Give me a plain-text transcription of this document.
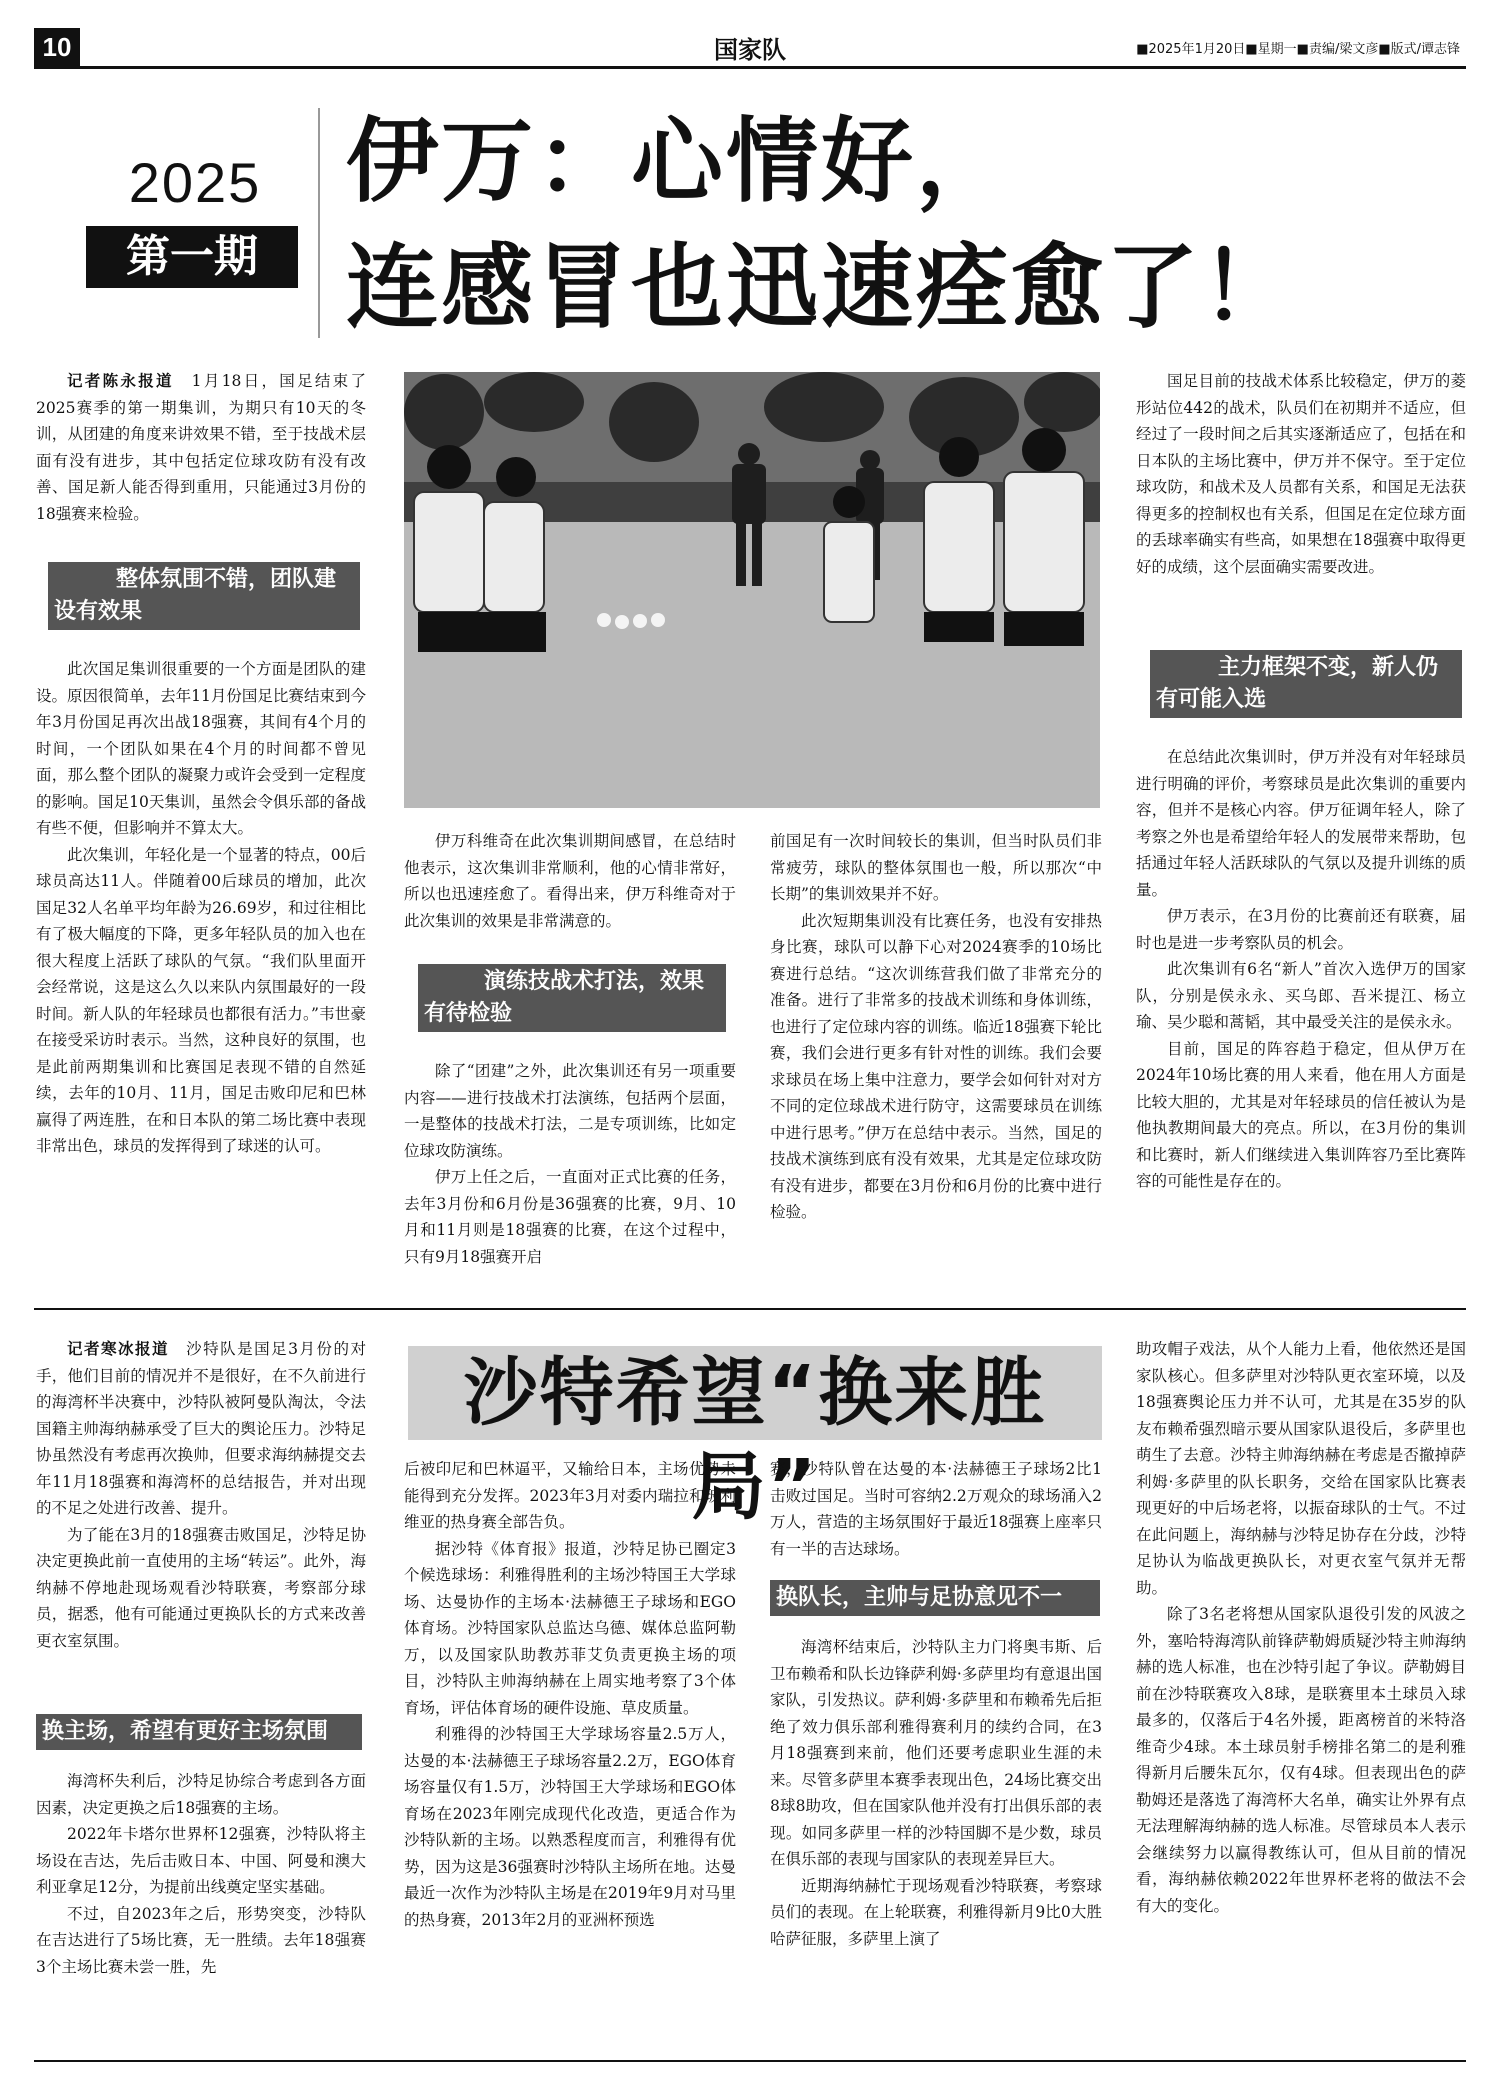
10	国家队	■2025年1月20日■星期一■责编/梁文彦■版式/谭志锋
2025
第一期
伊万：心情好，
连感冒也迅速痊愈了！

记者陈永报道　 1月18日，国足结束了2025赛季的第一期集训，为期只有10天的冬训，从团建的角度来讲效果不错，至于技战术层面有没有进步，其中包括定位球攻防有没有改善、国足新人能否得到重用，只能通过3月份的18强赛来检验。

整体氛围不错，团队建设有效果

此次国足集训很重要的一个方面是团队的建设。原因很简单，去年11月份国足比赛结束到今年3月份国足再次出战18强赛，其间有4个月的时间，一个团队如果在4个月的时间都不曾见面，那么整个团队的凝聚力或许会受到一定程度的影响。国足10天集训，虽然会令俱乐部的备战有些不便，但影响并不算太大。

此次集训，年轻化是一个显著的特点，00后球员高达11人。伴随着00后球员的增加，此次国足32人名单平均年龄为26.69岁，和过往相比有了极大幅度的下降，更多年轻队员的加入也在很大程度上活跃了球队的气氛。“我们队里面开会经常说，这是这么久以来队内氛围最好的一段时间。新人队的年轻球员也都很有活力。”韦世豪在接受采访时表示。当然，这种良好的氛围，也是此前两期集训和比赛国足表现不错的自然延续，去年的10月、11月，国足击败印尼和巴林赢得了两连胜，在和日本队的第二场比赛中表现非常出色，球员的发挥得到了球迷的认可。

伊万科维奇在此次集训期间感冒，在总结时他表示，这次集训非常顺利，他的心情非常好，所以也迅速痊愈了。看得出来，伊万科维奇对于此次集训的效果是非常满意的。

演练技战术打法，效果有待检验

除了“团建”之外，此次集训还有另一项重要内容——进行技战术打法演练，包括两个层面，一是整体的技战术打法，二是专项训练，比如定位球攻防演练。

伊万上任之后，一直面对正式比赛的任务，去年3月份和6月份是36强赛的比赛，9月、10月和11月则是18强赛的比赛，在这个过程中，只有9月18强赛开启

前国足有一次时间较长的集训，但当时队员们非常疲劳，球队的整体氛围也一般，所以那次“中长期”的集训效果并不好。

此次短期集训没有比赛任务，也没有安排热身比赛，球队可以静下心对2024赛季的10场比赛进行总结。“这次训练营我们做了非常充分的准备。进行了非常多的技战术训练和身体训练，也进行了定位球内容的训练。临近18强赛下轮比赛，我们会进行更多有针对性的训练。我们会要求球员在场上集中注意力，要学会如何针对对方不同的定位球战术进行防守，这需要球员在训练中进行思考。”伊万在总结中表示。当然，国足的技战术演练到底有没有效果，尤其是定位球攻防有没有进步，都要在3月份和6月份的比赛中进行检验。

国足目前的技战术体系比较稳定，伊万的菱形站位442的战术，队员们在初期并不适应，但经过了一段时间之后其实逐渐适应了，包括在和日本队的主场比赛中，伊万并不保守。至于定位球攻防，和战术及人员都有关系，和国足无法获得更多的控制权也有关系，但国足在定位球方面的丢球率确实有些高，如果想在18强赛中取得更好的成绩，这个层面确实需要改进。

主力框架不变，新人仍有可能入选

在总结此次集训时，伊万并没有对年轻球员进行明确的评价，考察球员是此次集训的重要内容，但并不是核心内容。伊万征调年轻人，除了考察之外也是希望给年轻人的发展带来帮助，包括通过年轻人活跃球队的气氛以及提升训练的质量。

伊万表示，在3月份的比赛前还有联赛，届时也是进一步考察队员的机会。

此次集训有6名“新人”首次入选伊万的国家队，分别是侯永永、买乌郎、吾米提江、杨立瑜、吴少聪和蒿韬，其中最受关注的是侯永永。

目前，国足的阵容趋于稳定，但从伊万在2024年10场比赛的用人来看，他在用人方面是比较大胆的，尤其是对年轻球员的信任被认为是他执教期间最大的亮点。所以，在3月份的集训和比赛时，新人们继续进入集训阵容乃至比赛阵容的可能性是存在的。

沙特希望“换来胜局”

记者寒冰报道　 沙特队是国足3月份的对手，他们目前的情况并不是很好，在不久前进行的海湾杯半决赛中，沙特队被阿曼队淘汰，令法国籍主帅海纳赫承受了巨大的舆论压力。沙特足协虽然没有考虑再次换帅，但要求海纳赫提交去年11月18强赛和海湾杯的总结报告，并对出现的不足之处进行改善、提升。

为了能在3月的18强赛击败国足，沙特足协决定更换此前一直使用的主场“转运”。此外，海纳赫不停地赴现场观看沙特联赛，考察部分球员，据悉，他有可能通过更换队长的方式来改善更衣室氛围。

换主场，希望有更好主场氛围

海湾杯失利后，沙特足协综合考虑到各方面因素，决定更换之后18强赛的主场。

2022年卡塔尔世界杯12强赛，沙特队将主场设在吉达，先后击败日本、中国、阿曼和澳大利亚拿足12分，为提前出线奠定坚实基础。

不过，自2023年之后，形势突变，沙特队在吉达进行了5场比赛，无一胜绩。去年18强赛3个主场比赛未尝一胜，先

后被印尼和巴林逼平，又输给日本，主场优势未能得到充分发挥。2023年3月对委内瑞拉和玻利维亚的热身赛全部告负。

据沙特《体育报》报道，沙特足协已圈定3个候选球场：利雅得胜利的主场沙特国王大学球场、达曼协作的主场本·法赫德王子球场和EGO体育场。沙特国家队总监达乌德、媒体总监阿勒万，以及国家队助教苏菲艾负责更换主场的项目，沙特队主帅海纳赫在上周实地考察了3个体育场，评估体育场的硬件设施、草皮质量。

利雅得的沙特国王大学球场容量2.5万人，达曼的本·法赫德王子球场容量2.2万，EGO体育场容量仅有1.5万，沙特国王大学球场和EGO体育场在2023年刚完成现代化改造，更适合作为沙特队新的主场。以熟悉程度而言，利雅得有优势，因为这是36强赛时沙特队主场所在地。达曼最近一次作为沙特队主场是在2019年9月对马里的热身赛，2013年2月的亚洲杯预选

赛，沙特队曾在达曼的本·法赫德王子球场2比1击败过国足。当时可容纳2.2万观众的球场涌入2万人，营造的主场氛围好于最近18强赛上座率只有一半的吉达球场。

换队长，主帅与足协意见不一

海湾杯结束后，沙特队主力门将奥韦斯、后卫布赖希和队长边锋萨利姆·多萨里均有意退出国家队，引发热议。萨利姆·多萨里和布赖希先后拒绝了效力俱乐部利雅得赛利月的续约合同，在3月18强赛到来前，他们还要考虑职业生涯的未来。尽管多萨里本赛季表现出色，24场比赛交出8球8助攻，但在国家队他并没有打出俱乐部的表现。如同多萨里一样的沙特国脚不是少数，球员在俱乐部的表现与国家队的表现差异巨大。

近期海纳赫忙于现场观看沙特联赛，考察球员们的表现。在上轮联赛，利雅得新月9比0大胜哈萨征服，多萨里上演了

助攻帽子戏法，从个人能力上看，他依然还是国家队核心。但多萨里对沙特队更衣室环境，以及18强赛舆论压力并不认可，尤其是在35岁的队友布赖希强烈暗示要从国家队退役后，多萨里也萌生了去意。沙特主帅海纳赫在考虑是否撤掉萨利姆·多萨里的队长职务，交给在国家队比赛表现更好的中后场老将，以振奋球队的士气。不过在此问题上，海纳赫与沙特足协存在分歧，沙特足协认为临战更换队长，对更衣室气氛并无帮助。

除了3名老将想从国家队退役引发的风波之外，塞哈特海湾队前锋萨勒姆质疑沙特主帅海纳赫的选人标准，也在沙特引起了争议。萨勒姆目前在沙特联赛攻入8球，是联赛里本土球员入球最多的，仅落后于4名外援，距离榜首的米特洛维奇少4球。本土球员射手榜排名第二的是利雅得新月后腰朱瓦尔，仅有4球。但表现出色的萨勒姆还是落选了海湾杯大名单，确实让外界有点无法理解海纳赫的选人标准。尽管球员本人表示会继续努力以赢得教练认可，但从目前的情况看，海纳赫依赖2022年世界杯老将的做法不会有大的变化。
